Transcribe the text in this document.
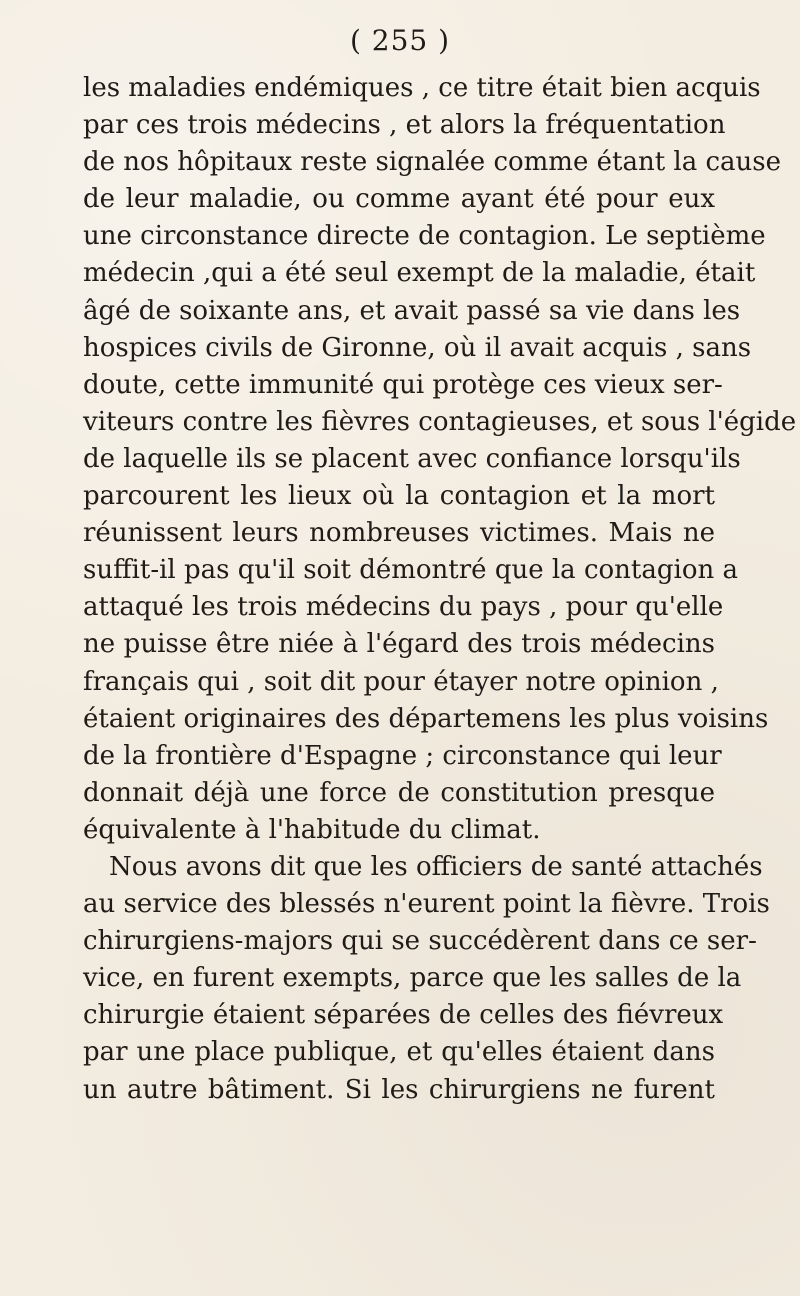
( 255 )
les maladies endémiques , ce titre était bien acquis
par ces trois médecins , et alors la fréquentation
de nos hôpitaux reste signalée comme étant la cause
de leur maladie, ou comme ayant été pour eux
une circonstance directe de contagion. Le septième
médecin ,qui a été seul exempt de la maladie, était
âgé de soixante ans, et avait passé sa vie dans les
hospices civils de Gironne, où il avait acquis , sans
doute, cette immunité qui protège ces vieux ser-
viteurs contre les fièvres contagieuses, et sous l'égide
de laquelle ils se placent avec confiance lorsqu'ils
parcourent les lieux où la contagion et la mort
réunissent leurs nombreuses victimes. Mais ne
suffit-il pas qu'il soit démontré que la contagion a
attaqué les trois médecins du pays , pour qu'elle
ne puisse être niée à l'égard des trois médecins
français qui , soit dit pour étayer notre opinion ,
étaient originaires des départemens les plus voisins
de la frontière d'Espagne ; circonstance qui leur
donnait déjà une force de constitution presque
équivalente à l'habitude du climat.
Nous avons dit que les officiers de santé attachés
au service des blessés n'eurent point la fièvre. Trois
chirurgiens-majors qui se succédèrent dans ce ser-
vice, en furent exempts, parce que les salles de la
chirurgie étaient séparées de celles des fiévreux
par une place publique, et qu'elles étaient dans
un autre bâtiment. Si les chirurgiens ne furent
